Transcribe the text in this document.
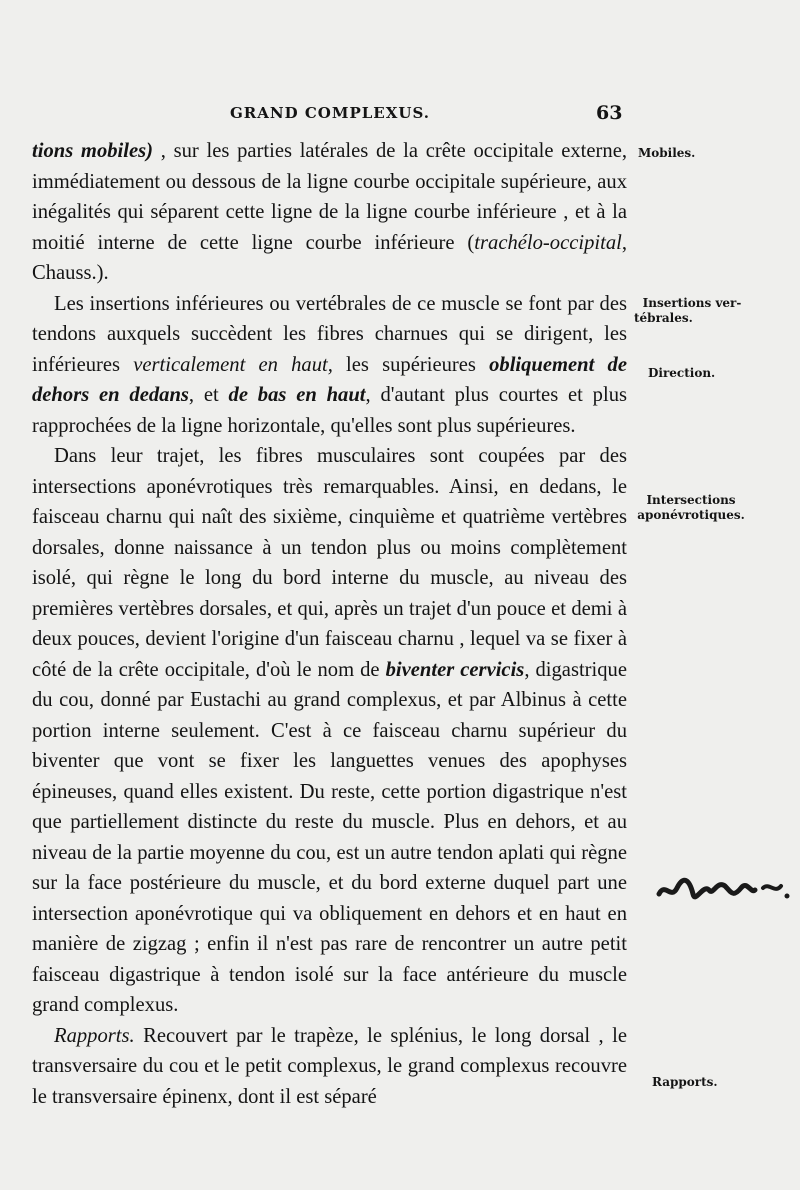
GRAND COMPLEXUS.	63

tions mobiles) , sur les parties latérales de la crête occipitale externe, immédiatement ou dessous de la ligne courbe occipitale supérieure, aux inégalités qui séparent cette ligne de la ligne courbe inférieure , et à la moitié interne de cette ligne courbe inférieure (trachélo-occipital, Chauss.).

Les insertions inférieures ou vertébrales de ce muscle se font par des tendons auxquels succèdent les fibres charnues qui se dirigent, les inférieures verticalement en haut, les supérieures obliquement de dehors en dedans, et de bas en haut, d'autant plus courtes et plus rapprochées de la ligne horizontale, qu'elles sont plus supérieures.

Dans leur trajet, les fibres musculaires sont coupées par des intersections aponévrotiques très remarquables. Ainsi, en dedans, le faisceau charnu qui naît des sixième, cinquième et quatrième vertèbres dorsales, donne naissance à un tendon plus ou moins complètement isolé, qui règne le long du bord interne du muscle, au niveau des premières vertèbres dorsales, et qui, après un trajet d'un pouce et demi à deux pouces, devient l'origine d'un faisceau charnu , lequel va se fixer à côté de la crête occipitale, d'où le nom de biventer cervicis, digastrique du cou, donné par Eustachi au grand complexus, et par Albinus à cette portion interne seulement. C'est à ce faisceau charnu supérieur du biventer que vont se fixer les languettes venues des apophyses épineuses, quand elles existent. Du reste, cette portion digastrique n'est que partiellement distincte du reste du muscle. Plus en dehors, et au niveau de la partie moyenne du cou, est un autre tendon aplati qui règne sur la face postérieure du muscle, et du bord externe duquel part une intersection aponévrotique qui va obliquement en dehors et en haut en manière de zigzag ; enfin il n'est pas rare de rencontrer un autre petit faisceau digastrique à tendon isolé sur la face antérieure du muscle grand complexus.

Rapports. Recouvert par le trapèze, le splénius, le long dorsal , le transversaire du cou et le petit complexus, le grand complexus recouvre le transversaire épinenx, dont il est séparé

Mobiles.
Insertions ver-
tébrales.
Direction.
Intersections
aponévrotiques.
Rapports.
